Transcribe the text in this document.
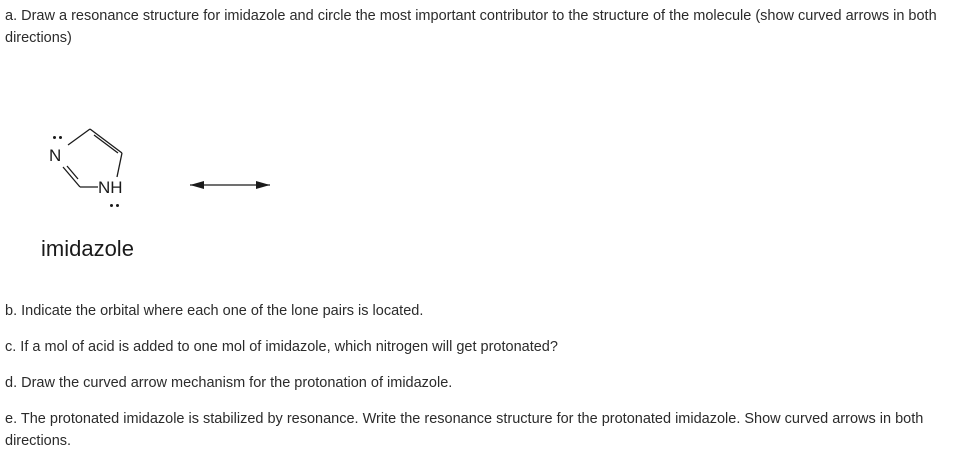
a. Draw a resonance structure for imidazole and circle the most important contributor to the structure of the molecule (show curved arrows in both directions)

N
NH
imidazole

b. Indicate the orbital where each one of the lone pairs is located.

c. If a mol of acid is added to one mol of imidazole, which nitrogen will get protonated?

d. Draw the curved arrow mechanism for the protonation of imidazole.

e. The protonated imidazole is stabilized by resonance. Write the resonance structure for the protonated imidazole. Show curved arrows in both directions.
